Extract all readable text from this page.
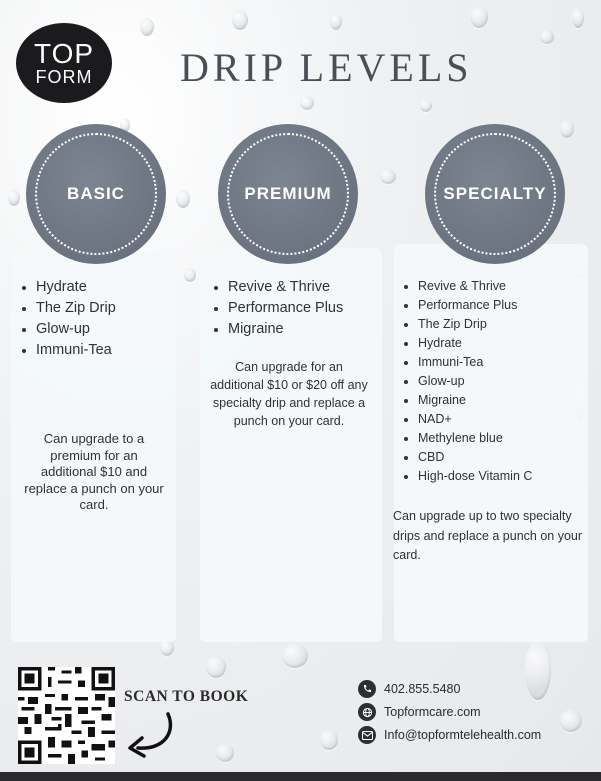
TOP
FORM DRIP LEVELS
BASIC	PREMIUM	SPECIALTY
Hydrate
The Zip Drip
Glow-up
Immuni-Tea
Revive & Thrive
Performance Plus
Migraine
Revive & Thrive
Performance Plus
The Zip Drip
Hydrate
Immuni-Tea
Glow-up
Migraine
NAD+
Methylene blue
CBD
High-dose Vitamin C
Can upgrade to a premium for an additional $10 and replace a punch on your card.
Can upgrade for an additional $10 or $20 off any specialty drip and replace a punch on your card.
Can upgrade up to two specialty drips and replace a punch on your card.
SCAN TO BOOK	402.855.5480
Topformcare.com
Info@topformtelehealth.com
